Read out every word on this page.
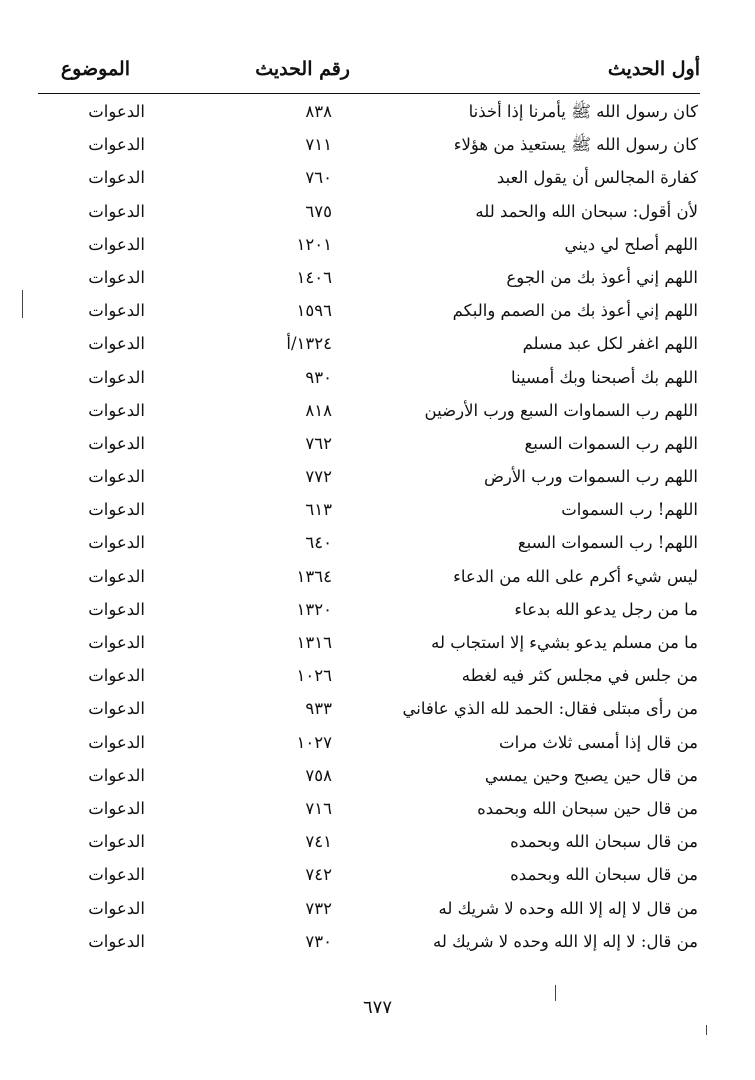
أول الحديث
رقم الحديث
الموضوع
كان رسول الله ﷺ يأمرنا إذا أخذنا
٨٣٨
الدعوات
كان رسول الله ﷺ يستعيذ من هؤلاء
٧١١
الدعوات
كفارة المجالس أن يقول العبد
٧٦٠
الدعوات
لأن أقول: سبحان الله والحمد لله
٦٧٥
الدعوات
اللهم أصلح لي ديني
١٢٠١
الدعوات
اللهم إني أعوذ بك من الجوع
١٤٠٦
الدعوات
اللهم إني أعوذ بك من الصمم والبكم
١٥٩٦
الدعوات
اللهم اغفر لكل عبد مسلم
١٣٢٤/أ
الدعوات
اللهم بك أصبحنا وبك أمسينا
٩٣٠
الدعوات
اللهم رب السماوات السبع ورب الأرضين
٨١٨
الدعوات
اللهم رب السموات السبع
٧٦٢
الدعوات
اللهم رب السموات ورب الأرض
٧٧٢
الدعوات
اللهم! رب السموات
٦١٣
الدعوات
اللهم! رب السموات السبع
٦٤٠
الدعوات
ليس شيء أكرم على الله من الدعاء
١٣٦٤
الدعوات
ما من رجل يدعو الله بدعاء
١٣٢٠
الدعوات
ما من مسلم يدعو بشيء إلا استجاب له
١٣١٦
الدعوات
من جلس في مجلس كثر فيه لغطه
١٠٢٦
الدعوات
من رأى مبتلى فقال: الحمد لله الذي عافاني
٩٣٣
الدعوات
من قال إذا أمسى ثلاث مرات
١٠٢٧
الدعوات
من قال حين يصبح وحين يمسي
٧٥٨
الدعوات
من قال حين سبحان الله وبحمده
٧١٦
الدعوات
من قال سبحان الله وبحمده
٧٤١
الدعوات
من قال سبحان الله وبحمده
٧٤٢
الدعوات
من قال لا إله إلا الله وحده لا شريك له
٧٣٢
الدعوات
من قال: لا إله إلا الله وحده لا شريك له
٧٣٠
الدعوات
٦٧٧
